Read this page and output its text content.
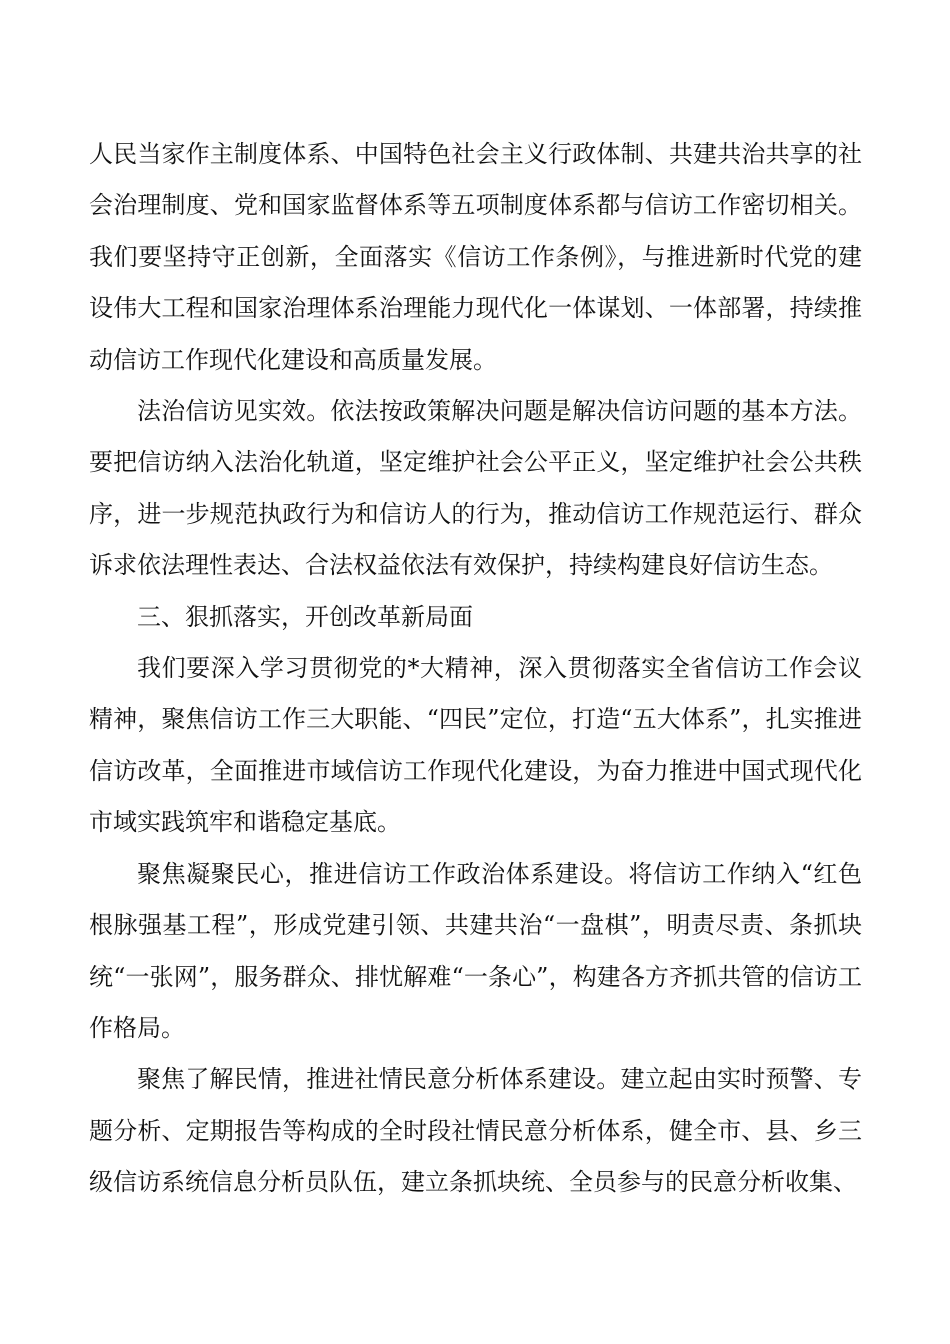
人民当家作主制度体系、中国特色社会主义行政体制、共建共治共享的社会治理制度、党和国家监督体系等五项制度体系都与信访工作密切相关。我们要坚持守正创新，全面落实《信访工作条例》，与推进新时代党的建设伟大工程和国家治理体系治理能力现代化一体谋划、一体部署，持续推动信访工作现代化建设和高质量发展。

法治信访见实效。依法按政策解决问题是解决信访问题的基本方法。要把信访纳入法治化轨道，坚定维护社会公平正义，坚定维护社会公共秩序，进一步规范执政行为和信访人的行为，推动信访工作规范运行、群众诉求依法理性表达、合法权益依法有效保护，持续构建良好信访生态。

三、狠抓落实，开创改革新局面

我们要深入学习贯彻党的*大精神，深入贯彻落实全省信访工作会议精神，聚焦信访工作三大职能、“四民”定位，打造“五大体系”，扎实推进信访改革，全面推进市域信访工作现代化建设，为奋力推进中国式现代化市域实践筑牢和谐稳定基底。

聚焦凝聚民心，推进信访工作政治体系建设。将信访工作纳入“红色根脉强基工程”，形成党建引领、共建共治“一盘棋”，明责尽责、条抓块统“一张网”，服务群众、排忧解难“一条心”，构建各方齐抓共管的信访工作格局。

聚焦了解民情，推进社情民意分析体系建设。建立起由实时预警、专题分析、定期报告等构成的全时段社情民意分析体系，健全市、县、乡三级信访系统信息分析员队伍，建立条抓块统、全员参与的民意分析收集、
